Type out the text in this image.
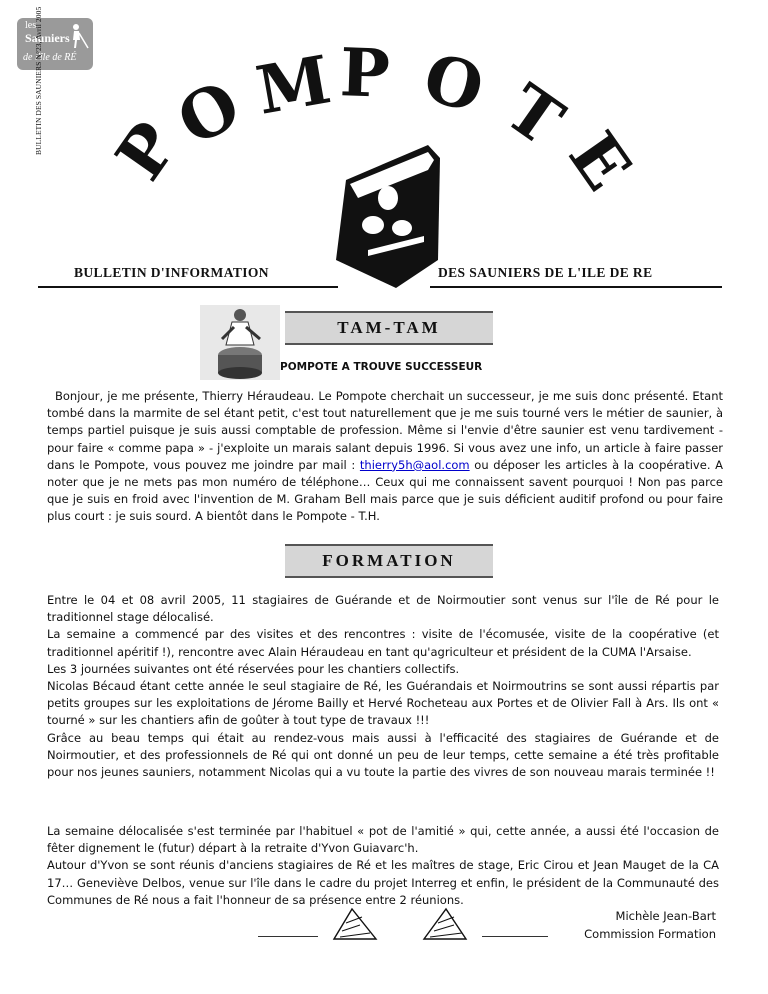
les
Sauniers
de l'île de RÉ
BULLETIN DES SAUNIERS N°23, Avril 2005 P
O
M P O T
E
BULLETIN D'INFORMATION	DES SAUNIERS DE L'ILE DE RE
TAM-TAM
POMPOTE A TROUVE SUCCESSEUR
Bonjour, je me présente, Thierry Héraudeau. Le Pompote cherchait un successeur, je me suis donc présenté. Etant tombé dans la marmite de sel étant petit, c'est tout naturellement que je me suis tourné vers le métier de saunier, à temps partiel puisque je suis aussi comptable de profession. Même si l'envie d'être saunier est venu tardivement - pour faire « comme papa » - j'exploite un marais salant depuis 1996. Si vous avez une info, un article à faire passer dans le Pompote, vous pouvez me joindre par mail : thierry5h@aol.com ou déposer les articles à la coopérative. A noter que je ne mets pas mon numéro de téléphone… Ceux qui me connaissent savent pourquoi ! Non pas parce que je suis en froid avec l'invention de M. Graham Bell mais parce que je suis déficient auditif profond ou pour faire plus court : je suis sourd. A bientôt dans le Pompote - T.H.
FORMATION

Entre le 04 et 08 avril 2005, 11 stagiaires de Guérande et de Noirmoutier sont venus sur l'île de Ré pour le traditionnel stage délocalisé.

La semaine a commencé par des visites et des rencontres : visite de l'écomusée, visite de la coopérative (et traditionnel apéritif !), rencontre avec Alain Héraudeau en tant qu'agriculteur et président de la CUMA l'Arsaise.

Les 3 journées suivantes ont été réservées pour les chantiers collectifs.

Nicolas Bécaud étant cette année le seul stagiaire de Ré, les Guérandais et Noirmoutrins se sont aussi répartis par petits groupes sur les exploitations de Jérome Bailly et Hervé Rocheteau aux Portes et de Olivier Fall à Ars. Ils ont « tourné » sur les chantiers afin de goûter à tout type de travaux !!!

Grâce au beau temps qui était au rendez-vous mais aussi à l'efficacité des stagiaires de Guérande et de Noirmoutier, et des professionnels de Ré qui ont donné un peu de leur temps, cette semaine a été très profitable pour nos jeunes sauniers, notamment Nicolas qui a vu toute la partie des vivres de son nouveau marais terminée !!

La semaine délocalisée s'est terminée par l'habituel « pot de l'amitié » qui, cette année, a aussi été l'occasion de fêter dignement le (futur) départ à la retraite d'Yvon Guiavarc'h.

Autour d'Yvon se sont réunis d'anciens stagiaires de Ré et les maîtres de stage, Eric Cirou et Jean Mauget de la CA 17… Geneviève Delbos, venue sur l'île dans le cadre du projet Interreg et enfin, le président de la Communauté des Communes de Ré nous a fait l'honneur de sa présence entre 2 réunions.

Michèle Jean-Bart
Commission Formation
